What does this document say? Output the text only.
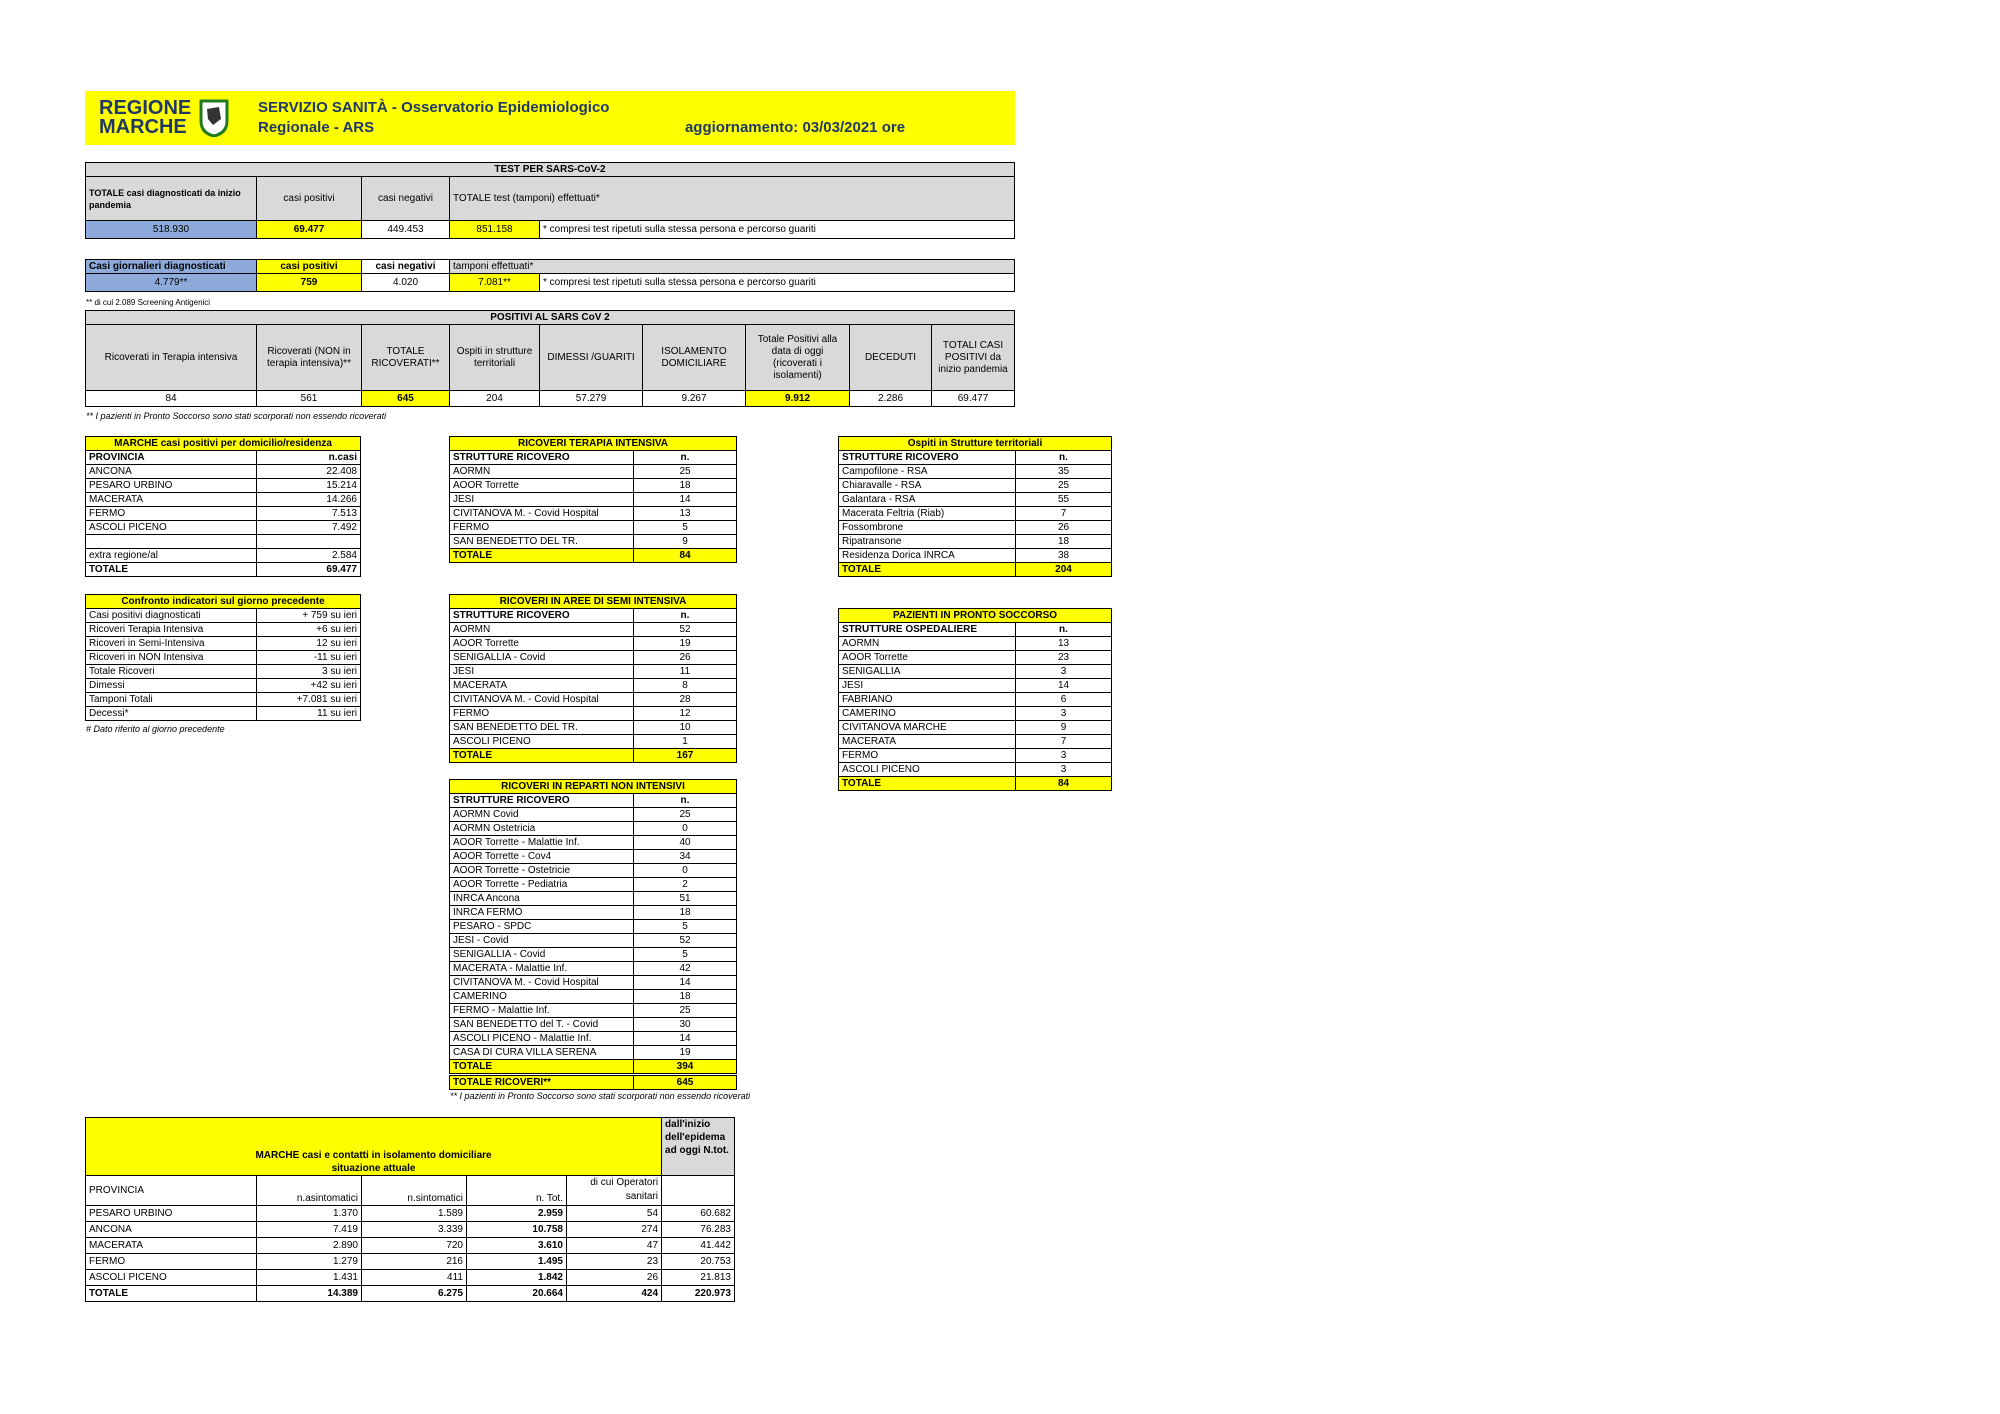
REGIONE
MARCHE
SERVIZIO SANITÀ - Osservatorio Epidemiologico
Regionale - ARS	aggiornamento: 03/03/2021 ore

TEST PER SARS-CoV-2				
TOTALE casi diagnosticati da inizio pandemia	casi positivi	casi negativi	TOTALE test (tamponi) effettuati*	
518.930	69.477	449.453	851.158	* compresi test ripetuti sulla stessa persona e percorso guariti
Casi giornalieri diagnosticati	casi positivi	casi negativi	tamponi effettuati*	
4.779**	759	4.020	7.081**	* compresi test ripetuti sulla stessa persona e percorso guariti
** di cui 2.089 Screening Antigenici
POSITIVI AL SARS CoV 2								
Ricoverati in Terapia intensiva	Ricoverati (NON in terapia intensiva)**	TOTALE RICOVERATI**	Ospiti in strutture territoriali	DIMESSI /GUARITI	ISOLAMENTO DOMICILIARE	Totale Positivi alla data di oggi (ricoverati i isolamenti)	DECEDUTI	TOTALI CASI POSITIVI da inizio pandemia
84	561	645	204	57.279	9.267	9.912	2.286	69.477
** I pazienti in Pronto Soccorso sono stati scorporati non essendo ricoverati
MARCHE casi positivi per domicilio/residenza	
PROVINCIA	n.casi
ANCONA	22.408
PESARO URBINO	15.214
MACERATA	14.266
FERMO	7.513
ASCOLI PICENO	7.492

extra regione/al	2.584
TOTALE	69.477
Confronto indicatori sul giorno precedente	
Casi positivi diagnosticati	+ 759 su ieri
Ricoveri Terapia Intensiva	+6 su ieri
Ricoveri in Semi-Intensiva	12 su ieri
Ricoveri in NON Intensiva	-11 su ieri
Totale Ricoveri	3 su ieri
Dimessi	+42 su ieri
Tamponi Totali	+7.081 su ieri
Decessi*	11 su ieri
# Dato riferito al giorno precedente
RICOVERI TERAPIA INTENSIVA	
STRUTTURE RICOVERO	n.
AORMN	25
AOOR Torrette	18
JESI	14
CIVITANOVA M. - Covid Hospital	13
FERMO	5
SAN BENEDETTO DEL TR.	9
TOTALE	84
RICOVERI IN AREE DI SEMI INTENSIVA	
STRUTTURE RICOVERO	n.
AORMN	52
AOOR Torrette	19
SENIGALLIA - Covid	26
JESI	11
MACERATA	8
CIVITANOVA M. - Covid Hospital	28
FERMO	12
SAN BENEDETTO DEL TR.	10
ASCOLI PICENO	1
TOTALE	167
RICOVERI IN REPARTI NON INTENSIVI	
STRUTTURE RICOVERO	n.
AORMN Covid	25
AORMN Ostetricia	0
AOOR Torrette - Malattie Inf.	40
AOOR Torrette - Cov4	34
AOOR Torrette - Ostetricie	0
AOOR Torrette - Pediatria	2
INRCA Ancona	51
INRCA FERMO	18
PESARO - SPDC	5
JESI - Covid	52
SENIGALLIA - Covid	5
MACERATA - Malattie Inf.	42
CIVITANOVA M. - Covid Hospital	14
CAMERINO	18
FERMO - Malattie Inf.	25
SAN BENEDETTO del T. - Covid	30
ASCOLI PICENO - Malattie Inf.	14
CASA DI CURA VILLA SERENA	19
TOTALE	394
TOTALE RICOVERI**	645
** I pazienti in Pronto Soccorso sono stati scorporati non essendo ricoverati
Ospiti in Strutture territoriali	
STRUTTURE RICOVERO	n.
Campofilone - RSA	35
Chiaravalle - RSA	25
Galantara - RSA	55
Macerata Feltria (Riab)	7
Fossombrone	26
Ripatransone	18
Residenza Dorica INRCA	38
TOTALE	204
PAZIENTI IN PRONTO SOCCORSO	
STRUTTURE OSPEDALIERE	n.
AORMN	13
AOOR Torrette	23
SENIGALLIA	3
JESI	14
FABRIANO	6
CAMERINO	3
CIVITANOVA MARCHE	9
MACERATA	7
FERMO	3
ASCOLI PICENO	3
TOTALE	84
MARCHE casi e contatti in isolamento domiciliare					dall'inizio dell'epidema ad oggi N.tot.
situazione attuale					
PROVINCIA	n.asintomatici	n.sintomatici	n. Tot.	di cui Operatori sanitari	
PESARO URBINO	1.370	1.589	2.959	54	60.682
ANCONA	7.419	3.339	10.758	274	76.283
MACERATA	2.890	720	3.610	47	41.442
FERMO	1.279	216	1.495	23	20.753
ASCOLI PICENO	1.431	411	1.842	26	21.813
TOTALE	14.389	6.275	20.664	424	220.973
